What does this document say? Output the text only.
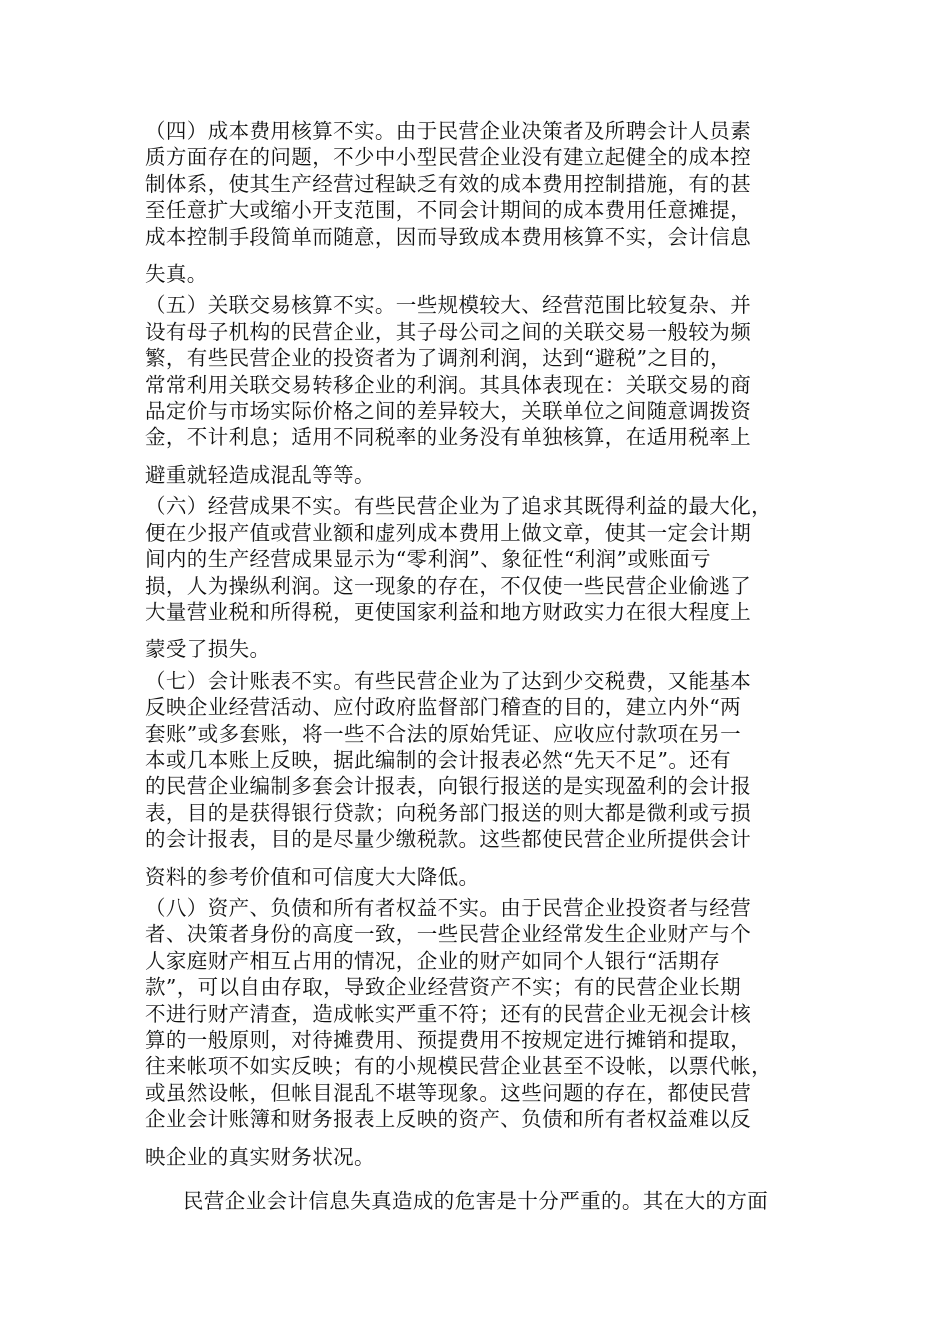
（四）成本费用核算不实。由于民营企业决策者及所聘会计人员素
质方面存在的问题，不少中小型民营企业没有建立起健全的成本控
制体系，使其生产经营过程缺乏有效的成本费用控制措施，有的甚
至任意扩大或缩小开支范围，不同会计期间的成本费用任意摊提，
成本控制手段简单而随意，因而导致成本费用核算不实，会计信息
失真。
（五）关联交易核算不实。一些规模较大、经营范围比较复杂、并
设有母子机构的民营企业，其子母公司之间的关联交易一般较为频
繁，有些民营企业的投资者为了调剂利润，达到“避税”之目的，
常常利用关联交易转移企业的利润。其具体表现在：关联交易的商
品定价与市场实际价格之间的差异较大，关联单位之间随意调拨资
金，不计利息；适用不同税率的业务没有单独核算，在适用税率上
避重就轻造成混乱等等。
（六）经营成果不实。有些民营企业为了追求其既得利益的最大化，
便在少报产值或营业额和虚列成本费用上做文章，使其一定会计期
间内的生产经营成果显示为“零利润”、象征性“利润”或账面亏
损，人为操纵利润。这一现象的存在，不仅使一些民营企业偷逃了
大量营业税和所得税，更使国家利益和地方财政实力在很大程度上
蒙受了损失。
（七）会计账表不实。有些民营企业为了达到少交税费，又能基本
反映企业经营活动、应付政府监督部门稽查的目的，建立内外“两
套账”或多套账，将一些不合法的原始凭证、应收应付款项在另一
本或几本账上反映，据此编制的会计报表必然“先天不足”。还有
的民营企业编制多套会计报表，向银行报送的是实现盈利的会计报
表，目的是获得银行贷款；向税务部门报送的则大都是微利或亏损
的会计报表，目的是尽量少缴税款。这些都使民营企业所提供会计
资料的参考价值和可信度大大降低。
（八）资产、负债和所有者权益不实。由于民营企业投资者与经营
者、决策者身份的高度一致，一些民营企业经常发生企业财产与个
人家庭财产相互占用的情况，企业的财产如同个人银行“活期存
款”，可以自由存取，导致企业经营资产不实；有的民营企业长期
不进行财产清查，造成帐实严重不符；还有的民营企业无视会计核
算的一般原则，对待摊费用、预提费用不按规定进行摊销和提取，
往来帐项不如实反映；有的小规模民营企业甚至不设帐，以票代帐，
或虽然设帐，但帐目混乱不堪等现象。这些问题的存在，都使民营
企业会计账簿和财务报表上反映的资产、负债和所有者权益难以反
映企业的真实财务状况。
民营企业会计信息失真造成的危害是十分严重的。其在大的方面
